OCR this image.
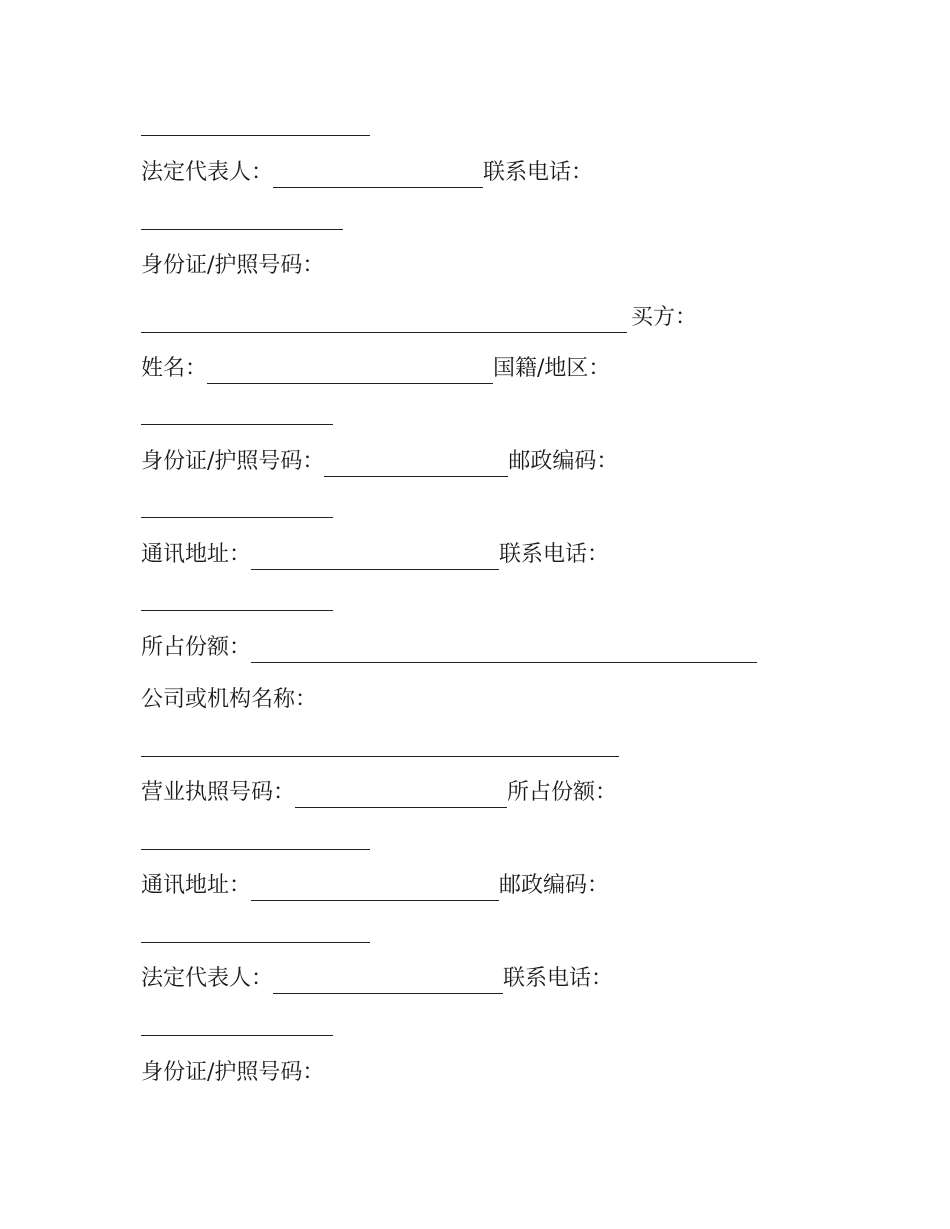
法定代表人：	联系电话：
身份证/护照号码：
买方：
姓名：	国籍/地区：
身份证/护照号码：	邮政编码：
通讯地址：	联系电话：
所占份额：
公司或机构名称：
营业执照号码：	所占份额：
通讯地址：	邮政编码：
法定代表人：	联系电话：
身份证/护照号码：
